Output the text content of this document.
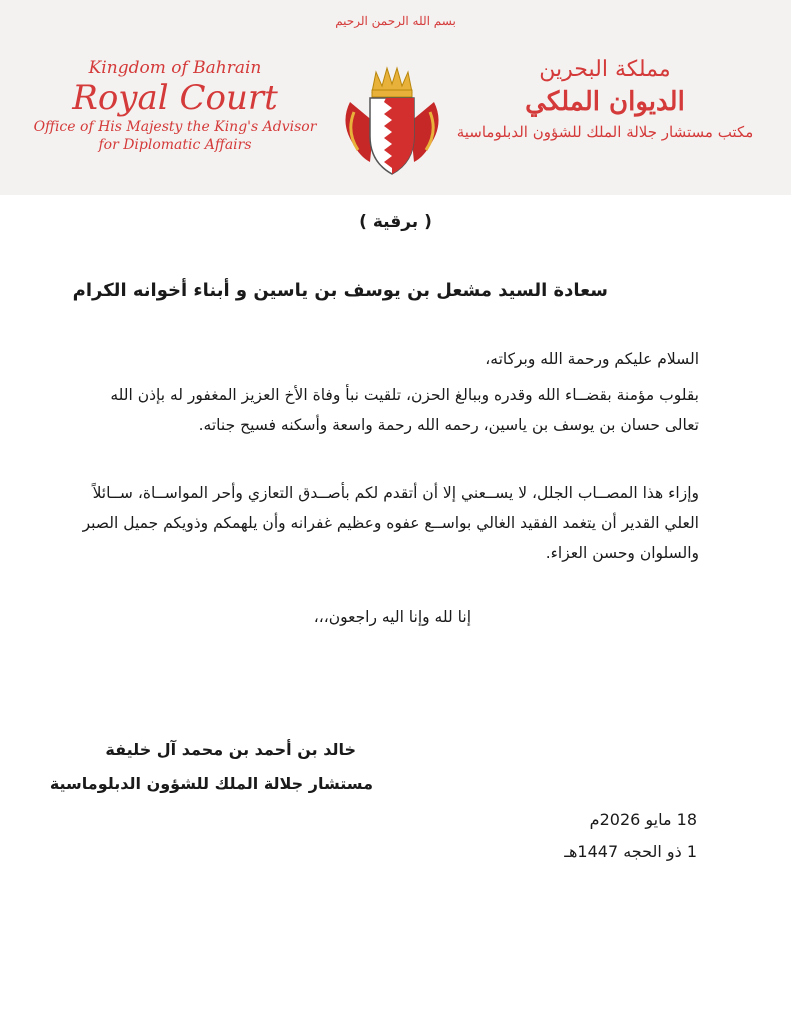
بسم الله الرحمن الرحيم
Kingdom of Bahrain
Royal Court
Office of His Majesty the King's Advisor
for Diplomatic Affairs
مملكة البحرين
الديوان الملكي
مكتب مستشار جلالة الملك للشؤون الدبلوماسية
( برقية )
سعادة السيد مشعل بن يوسف بن ياسين و أبناء أخوانه الكرام
السلام عليكم ورحمة الله وبركاته،
بقلوب مؤمنة بقضــاء الله وقدره وببالغ الحزن، تلقيت نبأ وفاة الأخ العزيز المغفور له بإذن الله تعالى حسان بن يوسف بن ياسين، رحمه الله رحمة واسعة وأسكنه فسيح جناته.
وإزاء هذا المصــاب الجلل، لا يســعني إلا أن أتقدم لكم بأصــدق التعازي وأحر المواســاة، ســائلاً العلي القدير أن يتغمد الفقيد الغالي بواســع عفوه وعظيم غفرانه وأن يلهمكم وذويكم جميل الصبر والسلوان وحسن العزاء.
إنا لله وإنا اليه راجعون،،،
خالد بن أحمد بن محمد آل خليفة
مستشار جلالة الملك للشؤون الدبلوماسية
18 مايو 2026م
1 ذو الحجه 1447هـ
